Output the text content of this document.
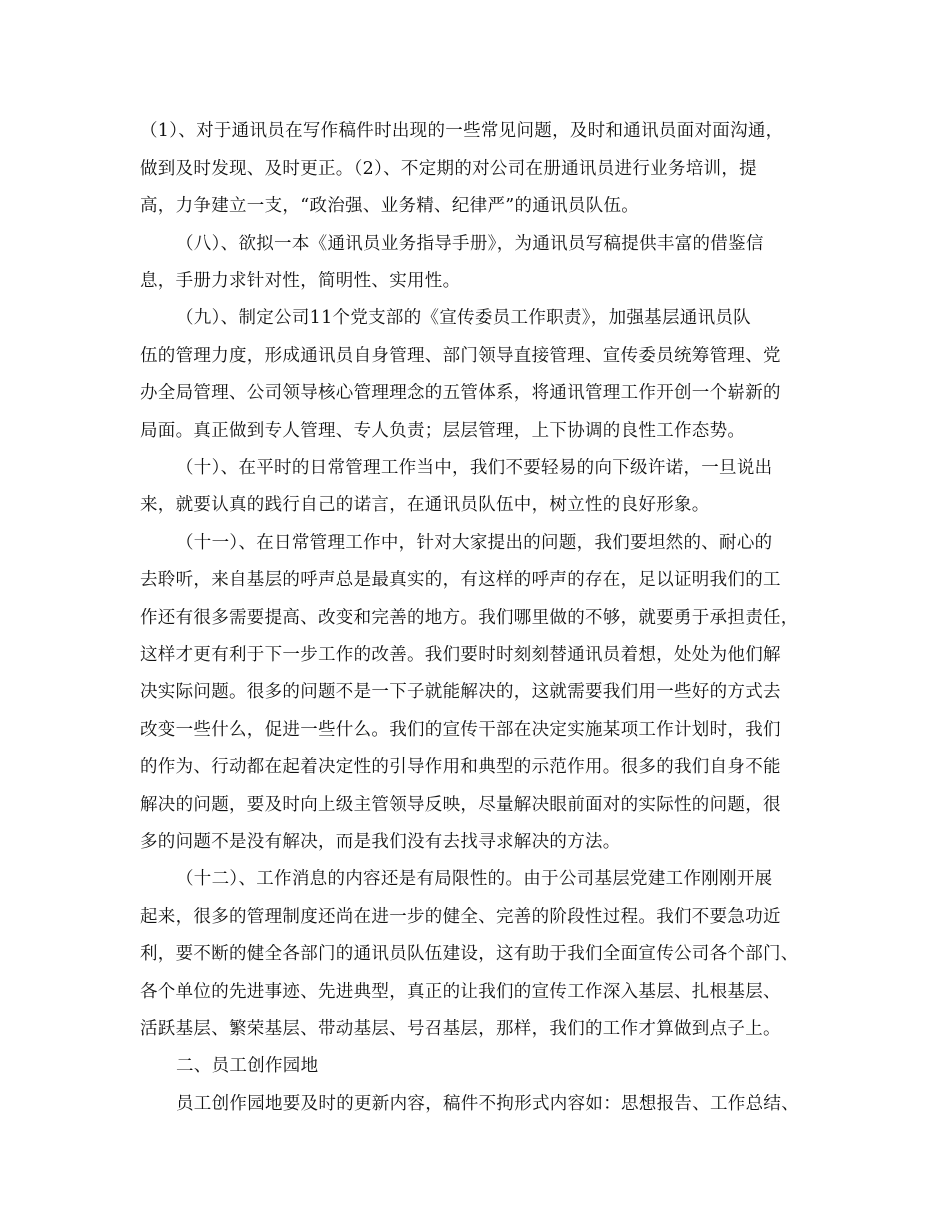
（1）、对于通讯员在写作稿件时出现的一些常见问题，及时和通讯员面对面沟通，
做到及时发现、及时更正。（2）、不定期的对公司在册通讯员进行业务培训，提
高，力争建立一支，“政治强、业务精、纪律严”的通讯员队伍。
（八）、欲拟一本《通讯员业务指导手册》，为通讯员写稿提供丰富的借鉴信
息，手册力求针对性，简明性、实用性。
（九）、制定公司11个党支部的《宣传委员工作职责》，加强基层通讯员队
伍的管理力度，形成通讯员自身管理、部门领导直接管理、宣传委员统筹管理、党
办全局管理、公司领导核心管理理念的五管体系，将通讯管理工作开创一个崭新的
局面。真正做到专人管理、专人负责；层层管理，上下协调的良性工作态势。
（十）、在平时的日常管理工作当中，我们不要轻易的向下级许诺，一旦说出
来，就要认真的践行自己的诺言，在通讯员队伍中，树立性的良好形象。
（十一）、在日常管理工作中，针对大家提出的问题，我们要坦然的、耐心的
去聆听，来自基层的呼声总是最真实的，有这样的呼声的存在，足以证明我们的工
作还有很多需要提高、改变和完善的地方。我们哪里做的不够，就要勇于承担责任，
这样才更有利于下一步工作的改善。我们要时时刻刻替通讯员着想，处处为他们解
决实际问题。很多的问题不是一下子就能解决的，这就需要我们用一些好的方式去
改变一些什么，促进一些什么。我们的宣传干部在决定实施某项工作计划时，我们
的作为、行动都在起着决定性的引导作用和典型的示范作用。很多的我们自身不能
解决的问题，要及时向上级主管领导反映，尽量解决眼前面对的实际性的问题，很
多的问题不是没有解决，而是我们没有去找寻求解决的方法。
（十二）、工作消息的内容还是有局限性的。由于公司基层党建工作刚刚开展
起来，很多的管理制度还尚在进一步的健全、完善的阶段性过程。我们不要急功近
利，要不断的健全各部门的通讯员队伍建设，这有助于我们全面宣传公司各个部门、
各个单位的先进事迹、先进典型，真正的让我们的宣传工作深入基层、扎根基层、
活跃基层、繁荣基层、带动基层、号召基层，那样，我们的工作才算做到点子上。
二、员工创作园地
员工创作园地要及时的更新内容，稿件不拘形式内容如：思想报告、工作总结、
